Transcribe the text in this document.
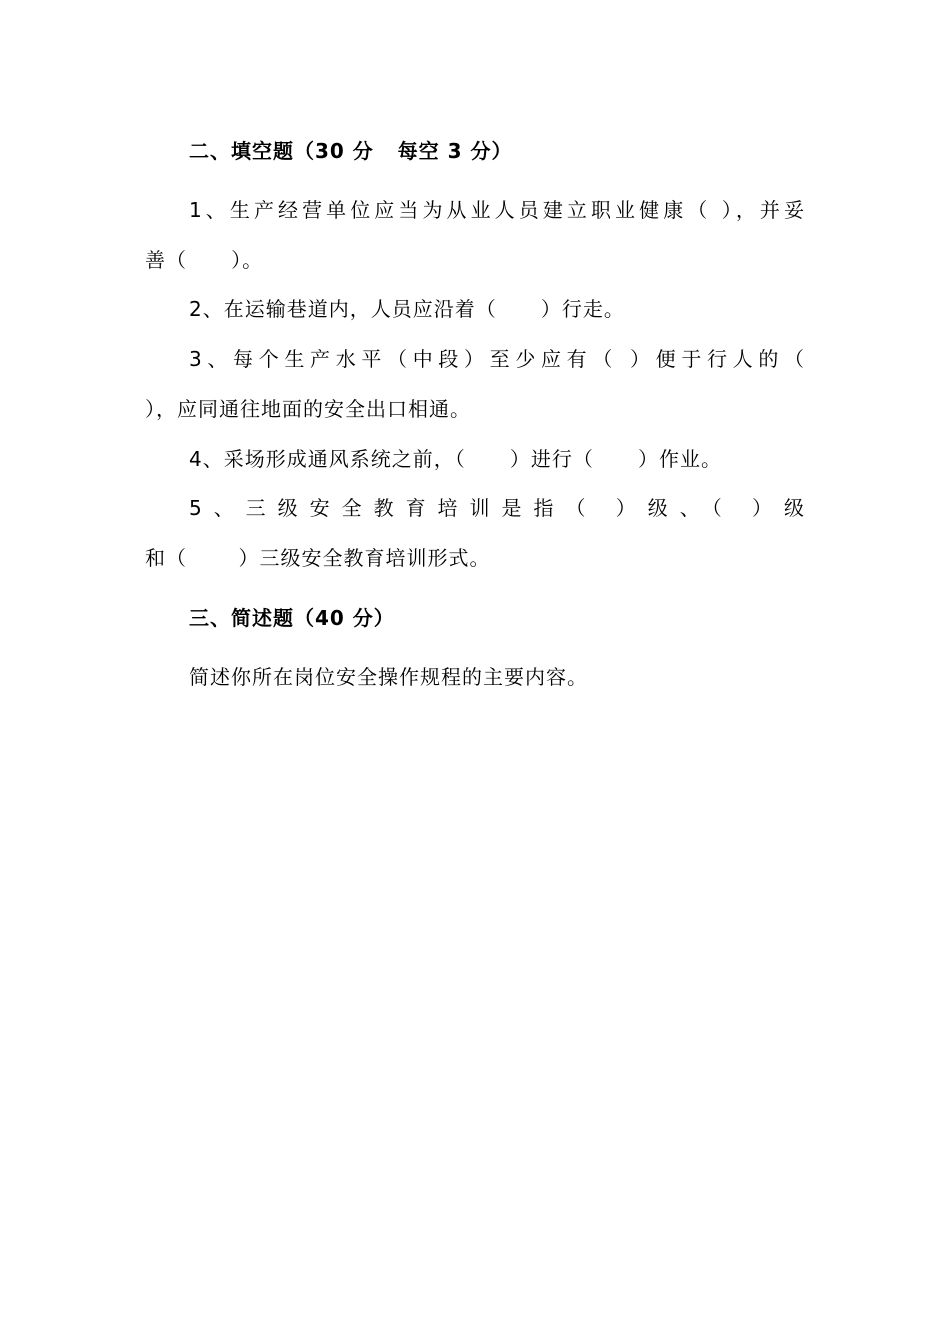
二、填空题（30 分   每空 3 分）
1、生产经营单位应当为从业人员建立职业健康（ ），并妥
善（      ）。
2、在运输巷道内，人员应沿着（      ）行走。
3、每个生产水平（中段）至少应有（ ）便于行人的（
），应同通往地面的安全出口相通。
4、采场形成通风系统之前，（      ）进行（      ）作业。
5、三级安全教育培训是指（ ）级、（ ）级
和（       ）三级安全教育培训形式。
三、简述题（40 分）
简述你所在岗位安全操作规程的主要内容。
